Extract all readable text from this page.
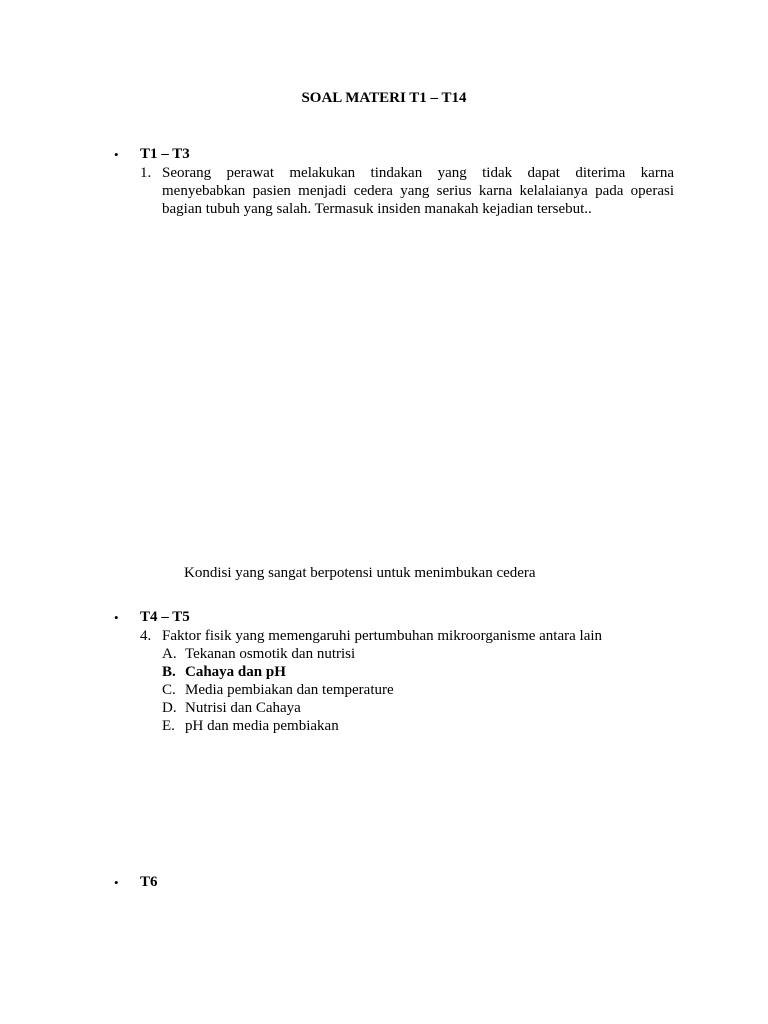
SOAL MATERI T1 – T14
• T1 – T3
1. Seorang perawat melakukan tindakan yang tidak dapat diterima karna
menyebabkan pasien menjadi cedera yang serius karna kelalaianya pada operasi
bagian tubuh yang salah. Termasuk insiden manakah kejadian tersebut..
Kondisi yang sangat berpotensi untuk menimbukan cedera
• T4 – T5
4. Faktor fisik yang memengaruhi pertumbuhan mikroorganisme antara lain
A. Tekanan osmotik dan nutrisi
B. Cahaya dan pH
C. Media pembiakan dan temperature
D. Nutrisi dan Cahaya
E. pH dan media pembiakan
• T6
